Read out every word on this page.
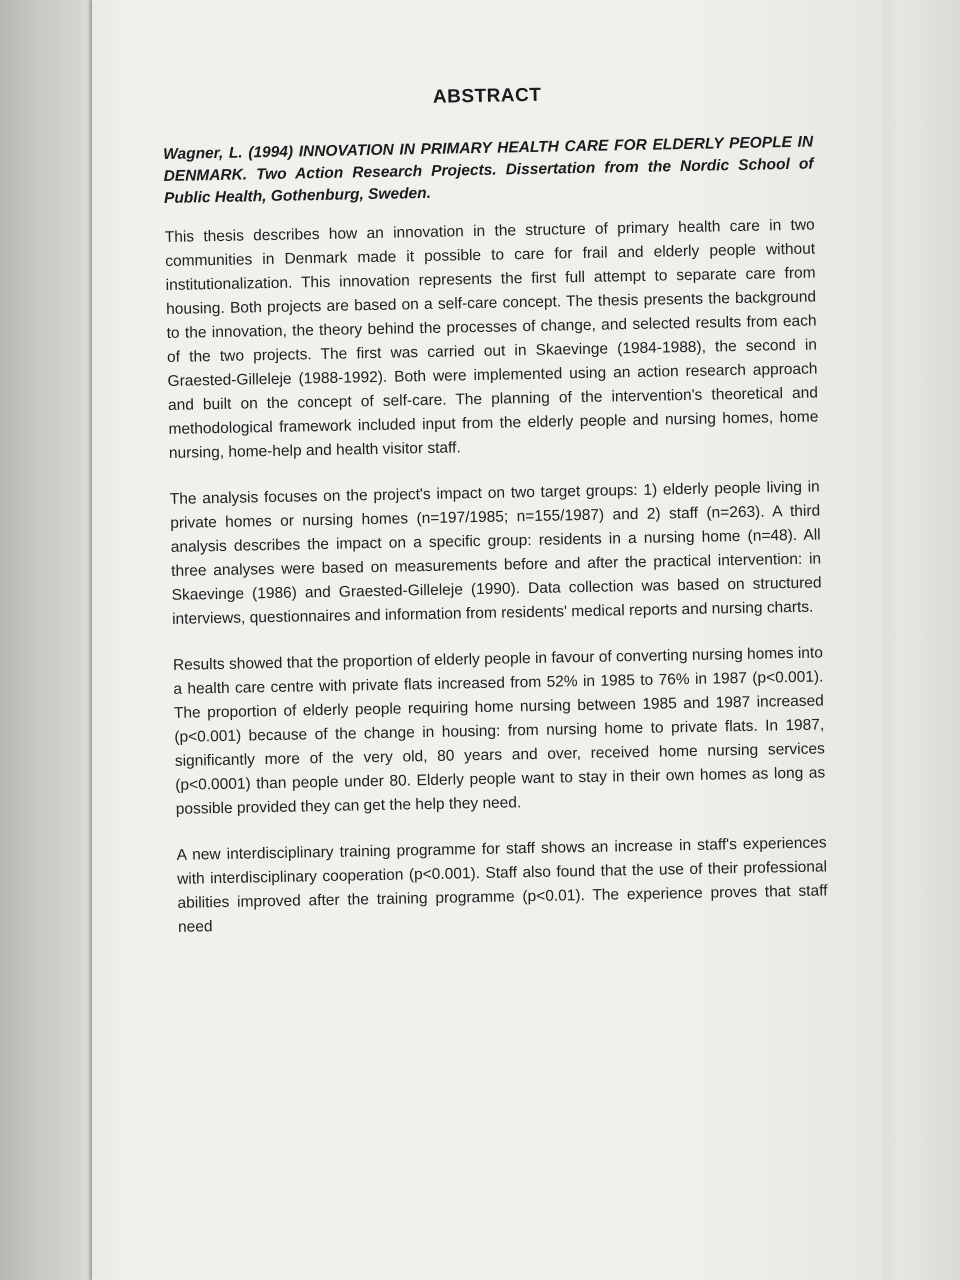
ABSTRACT
Wagner, L. (1994) INNOVATION IN PRIMARY HEALTH CARE FOR ELDERLY PEOPLE IN DENMARK. Two Action Research Projects. Dissertation from the Nordic School of Public Health, Gothenburg, Sweden.
This thesis describes how an innovation in the structure of primary health care in two communities in Denmark made it possible to care for frail and elderly people without institutionalization. This innovation represents the first full attempt to separate care from housing. Both projects are based on a self-care concept. The thesis presents the background to the innovation, the theory behind the processes of change, and selected results from each of the two projects. The first was carried out in Skaevinge (1984-1988), the second in Graested-Gilleleje (1988-1992). Both were implemented using an action research approach and built on the concept of self-care. The planning of the intervention's theoretical and methodological framework included input from the elderly people and nursing homes, home nursing, home-help and health visitor staff.
The analysis focuses on the project's impact on two target groups: 1) elderly people living in private homes or nursing homes (n=197/1985; n=155/1987) and 2) staff (n=263). A third analysis describes the impact on a specific group: residents in a nursing home (n=48). All three analyses were based on measurements before and after the practical intervention: in Skaevinge (1986) and Graested-Gilleleje (1990). Data collection was based on structured interviews, questionnaires and information from residents' medical reports and nursing charts.
Results showed that the proportion of elderly people in favour of converting nursing homes into a health care centre with private flats increased from 52% in 1985 to 76% in 1987 (p<0.001). The proportion of elderly people requiring home nursing between 1985 and 1987 increased (p<0.001) because of the change in housing: from nursing home to private flats. In 1987, significantly more of the very old, 80 years and over, received home nursing services (p<0.0001) than people under 80. Elderly people want to stay in their own homes as long as possible provided they can get the help they need.
A new interdisciplinary training programme for staff shows an increase in staff's experiences with interdisciplinary cooperation (p<0.001). Staff also found that the use of their professional abilities improved after the training programme (p<0.01). The experience proves that staff need
